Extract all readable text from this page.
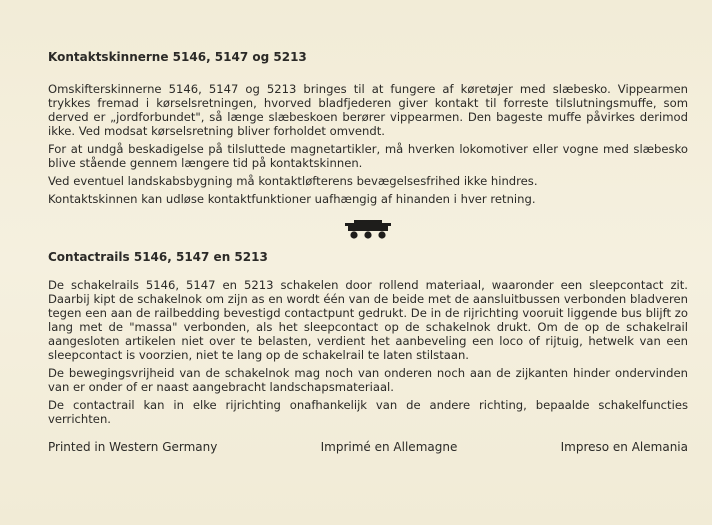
Kontaktskinnerne 5146, 5147 og 5213

Omskifterskinnerne 5146, 5147 og 5213 bringes til at fungere af køretøjer med slæbesko. Vippearmen trykkes fremad i kørselsretningen, hvorved bladfjederen giver kontakt til forreste tilslutningsmuffe, som derved er „jordforbundet", så længe slæbeskoen berører vippearmen. Den bageste muffe påvirkes derimod ikke. Ved modsat kørselsretning bliver forholdet omvendt.

For at undgå beskadigelse på tilsluttede magnetartikler, må hverken lokomotiver eller vogne med slæbesko blive stående gennem længere tid på kontaktskinnen.

Ved eventuel landskabsbygning må kontaktløfterens bevægelsesfrihed ikke hindres.

Kontaktskinnen kan udløse kontaktfunktioner uafhængig af hinanden i hver retning.

Contactrails 5146, 5147 en 5213

De schakelrails 5146, 5147 en 5213 schakelen door rollend materiaal, waaronder een sleepcontact zit. Daarbij kipt de schakelnok om zijn as en wordt één van de beide met de aansluitbussen verbonden bladveren tegen een aan de railbedding bevestigd contactpunt gedrukt. De in de rijrichting vooruit liggende bus blijft zo lang met de "massa" verbonden, als het sleepcontact op de schakelnok drukt. Om de op de schakelrail aangesloten artikelen niet over te belasten, verdient het aanbeveling een loco of rijtuig, hetwelk van een sleepcontact is voorzien, niet te lang op de schakelrail te laten stilstaan.

De bewegingsvrijheid van de schakelnok mag noch van onderen noch aan de zijkanten hinder ondervinden van er onder of er naast aangebracht landschapsmateriaal.

De contactrail kan in elke rijrichting onafhankelijk van de andere richting, bepaalde schakelfuncties verrichten.

Printed in Western Germany	Imprimé en Allemagne	Impreso en Alemania
